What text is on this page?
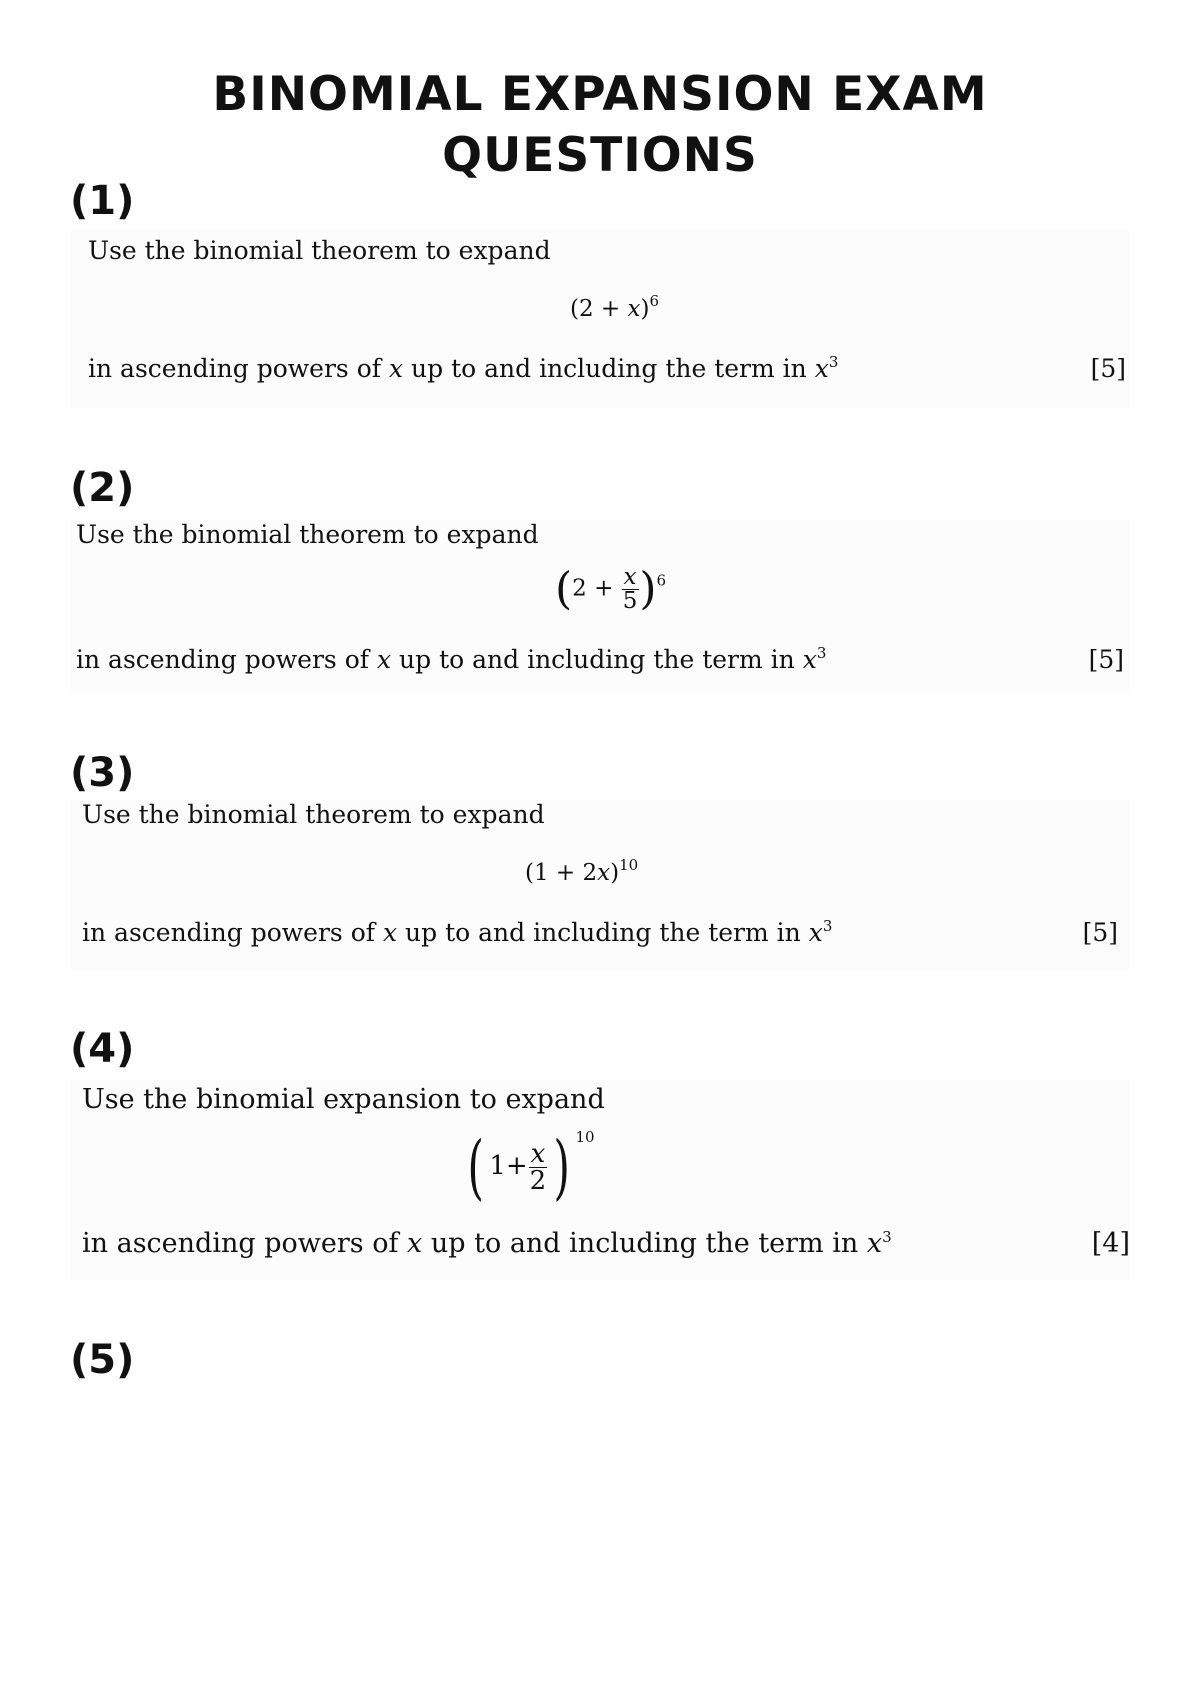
BINOMIAL EXPANSION EXAM
QUESTIONS
(1)
Use the binomial theorem to expand
$(2 + x)^6$
in ascending powers of x up to and including the term in $x^3$	[5]
(2)
Use the binomial theorem to expand
$(2 + \frac{x}{5} )^6$
in ascending powers of x up to and including the term in $x^3$	[5]
(3)
Use the binomial theorem to expand
$(1 + 2x)^{10}$
in ascending powers of x up to and including the term in $x^3$	[5]
(4)
Use the binomial expansion to expand
( $1+ \frac{x}{2}$ ) $^{10}$
in ascending powers of x up to and including the term in $x^3$	[4]
(5)
